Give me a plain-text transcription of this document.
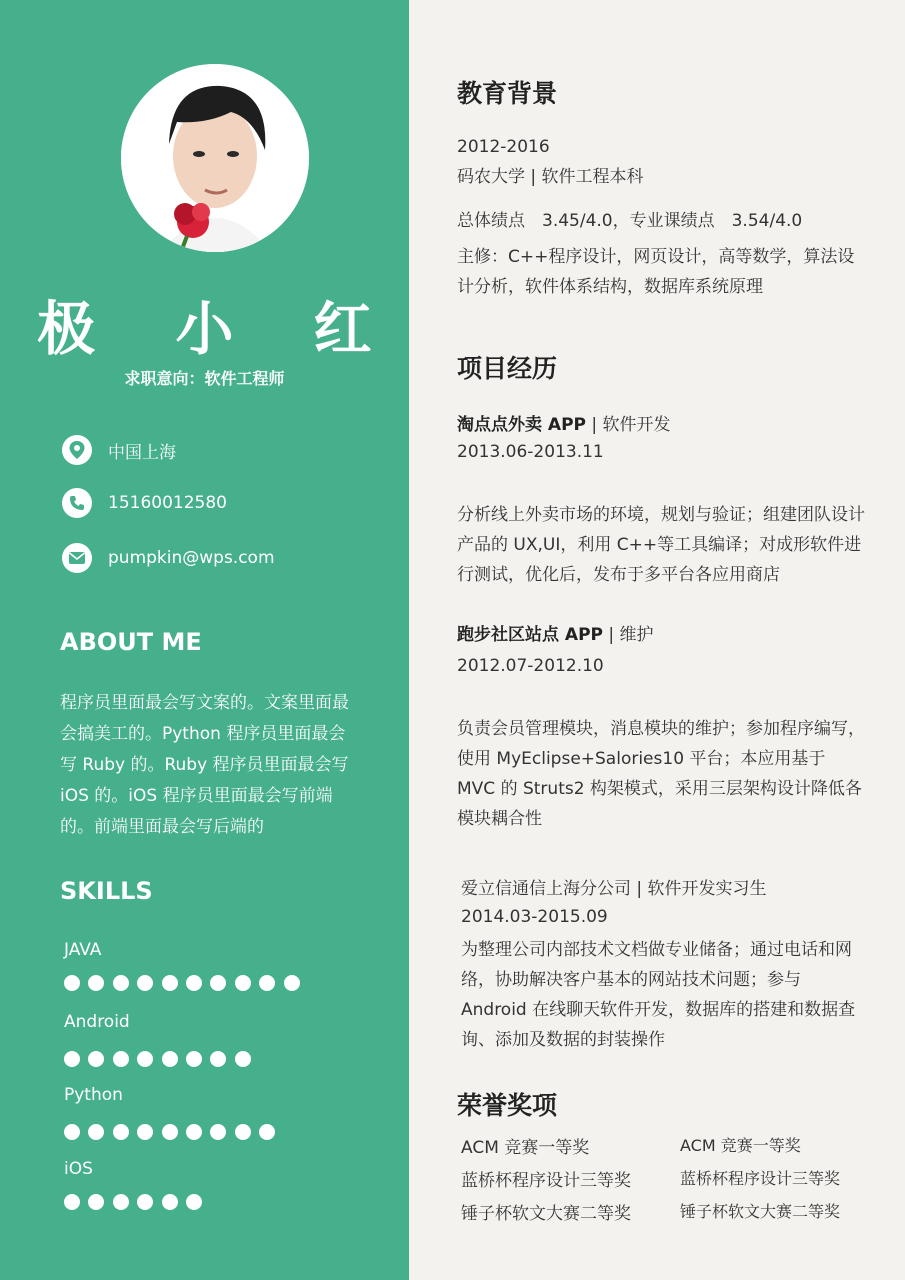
极 小 红
求职意向：软件工程师
中国上海
15160012580
pumpkin@wps.com
ABOUT ME
程序员里面最会写文案的。文案里面最会搞美工的。Python 程序员里面最会写 Ruby 的。Ruby 程序员里面最会写 iOS 的。iOS 程序员里面最会写前端的。前端里面最会写后端的
SKILLS
JAVA
Android
Python
iOS
教育背景
2012-2016
码农大学 | 软件工程本科
总体绩点　3.45/4.0，专业课绩点　3.54/4.0
主修：C++程序设计，网页设计，高等数学，算法设计分析，软件体系结构，数据库系统原理
项目经历
淘点点外卖 APP | 软件开发
2013.06-2013.11
分析线上外卖市场的环境，规划与验证；组建团队设计产品的 UX,UI，利用 C++等工具编译；对成形软件进行测试，优化后，发布于多平台各应用商店
跑步社区站点 APP | 维护
2012.07-2012.10
负责会员管理模块，消息模块的维护；参加程序编写，使用 MyEclipse+Salories10 平台；本应用基于 MVC 的 Struts2 构架模式，采用三层架构设计降低各模块耦合性
爱立信通信上海分公司 | 软件开发实习生
2014.03-2015.09
为整理公司内部技术文档做专业储备；通过电话和网络，协助解决客户基本的网站技术问题；参与 Android 在线聊天软件开发，数据库的搭建和数据查询、添加及数据的封装操作
荣誉奖项
ACM 竞赛一等奖
蓝桥杯程序设计三等奖
锤子杯软文大赛二等奖
ACM 竞赛一等奖
蓝桥杯程序设计三等奖
锤子杯软文大赛二等奖
